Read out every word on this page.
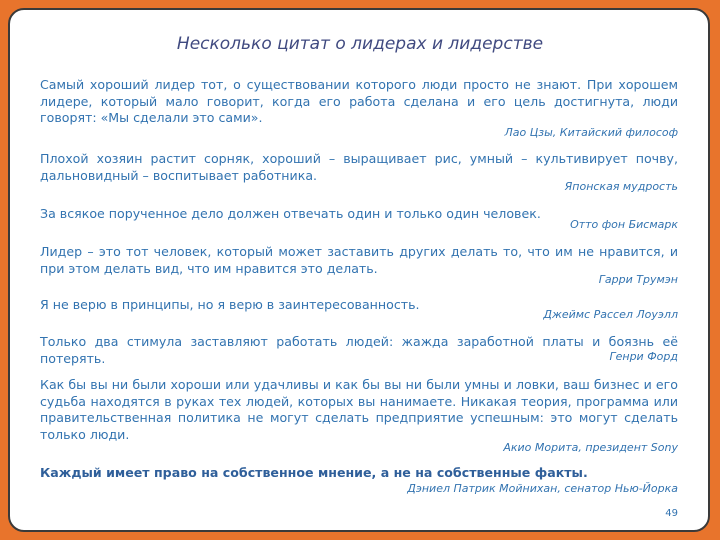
Несколько цитат о лидерах и лидерстве
Самый хороший лидер тот, о существовании которого люди просто не знают. При хорошем лидере, который мало говорит, когда его работа сделана и его цель достигнута, люди говорят: «Мы сделали это сами».
Лао Цзы, Китайский философ
Плохой хозяин растит сорняк, хороший – выращивает рис, умный – культивирует почву, дальновидный – воспитывает работника.
Японская мудрость
За всякое порученное дело должен отвечать один и только один человек.
Отто фон Бисмарк
Лидер – это тот человек, который может заставить других делать то, что им не нравится, и при этом делать вид, что им нравится это делать.
Гарри Трумэн
Я не верю в принципы, но я верю в заинтересованность.
Джеймс Рассел Лоуэлл
Только два стимула заставляют работать людей: жажда заработной платы и боязнь её потерять.	Генри Форд
Как бы вы ни были хороши или удачливы и как бы вы ни были умны и ловки, ваш бизнес и его судьба находятся в руках тех людей, которых вы нанимаете. Никакая теория, программа или правительственная политика не могут сделать предприятие успешным: это могут сделать только люди.
Акио Морита, президент Sony
Каждый имеет право на собственное мнение, а не на собственные факты.
Дэниел Патрик Мойнихан, сенатор Нью-Йорка
49
